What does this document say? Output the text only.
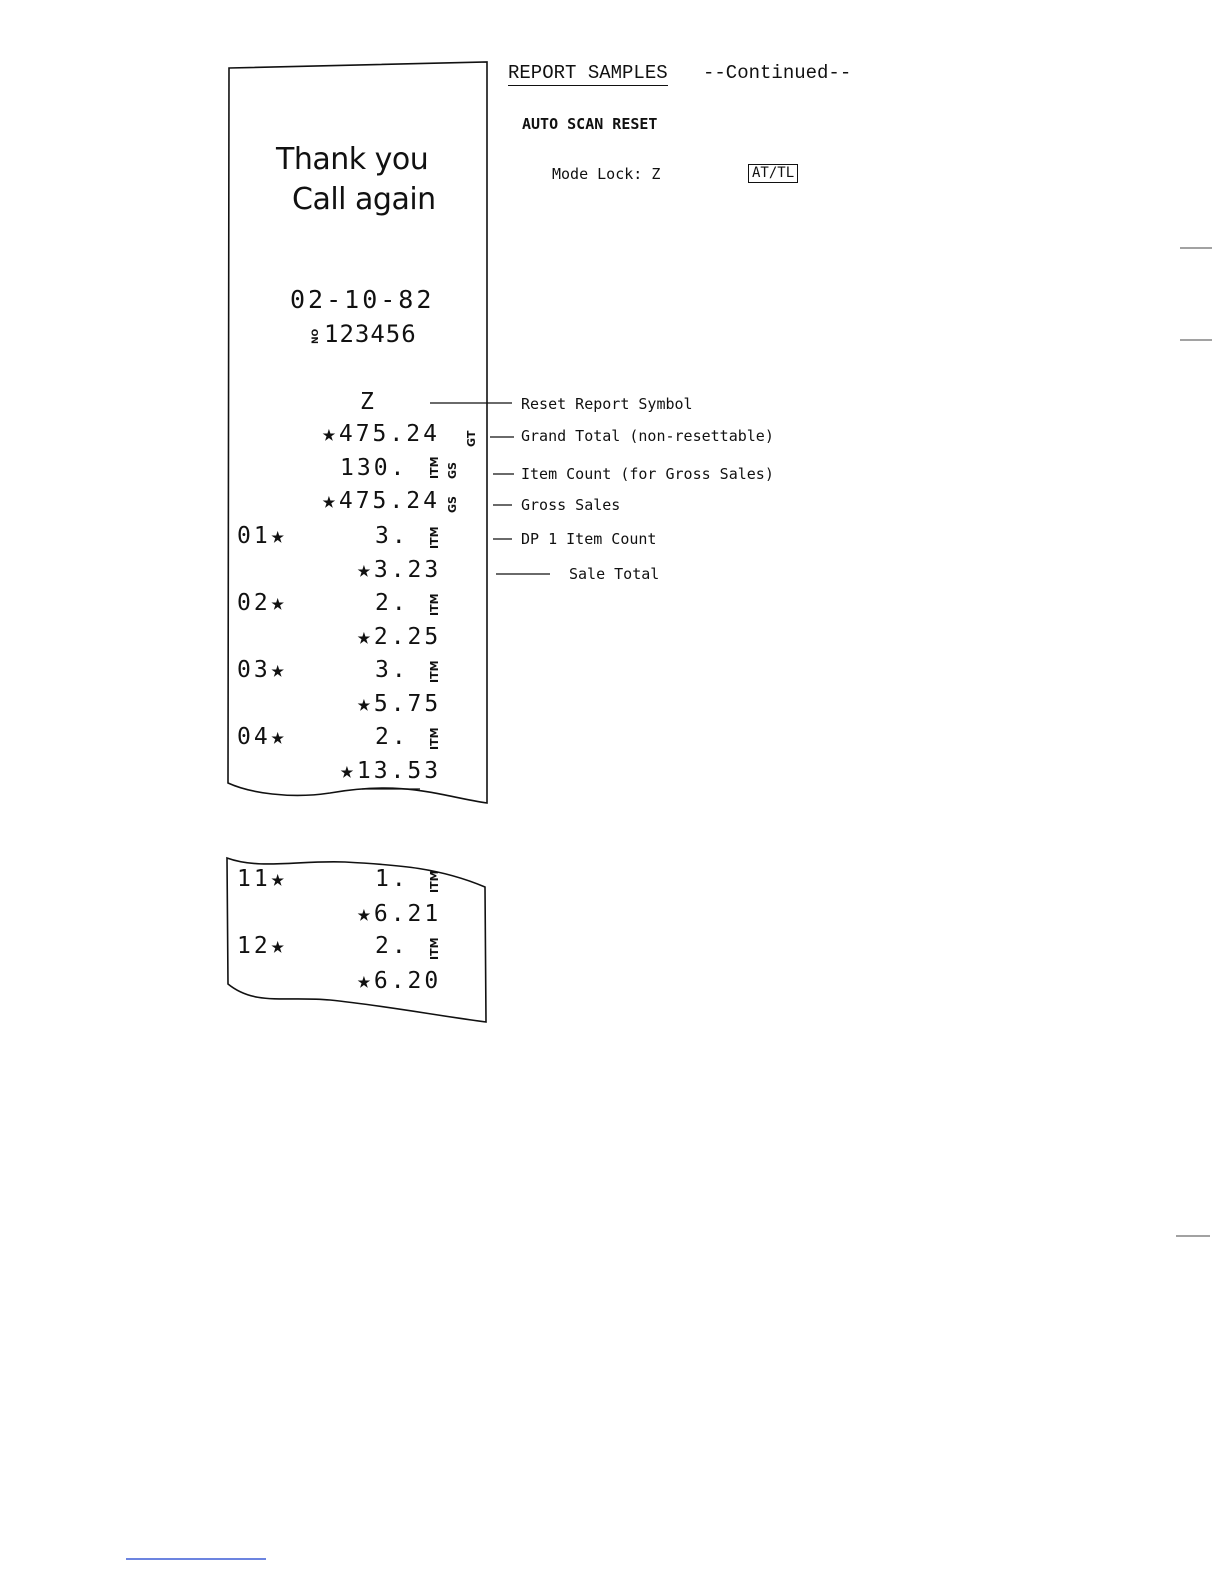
REPORT SAMPLES --Continued--
AUTO SCAN RESET
Mode Lock: Z	AT/TL
Reset Report Symbol
Grand Total (non-resettable)
Item Count (for Gross Sales)
Gross Sales
DP 1 Item Count
Sale Total
Thank you
Call again
02-10-82
NO 123456
Z
★475.24 GT
130. ITM GS
★475.24 GS
01★	3. ITM
★3.23
02★	2. ITM
★2.25
03★	3. ITM
★5.75
04★	2. ITM
★13.53
11★	1. ITM
★6.21
12★	2. ITM
★6.20
